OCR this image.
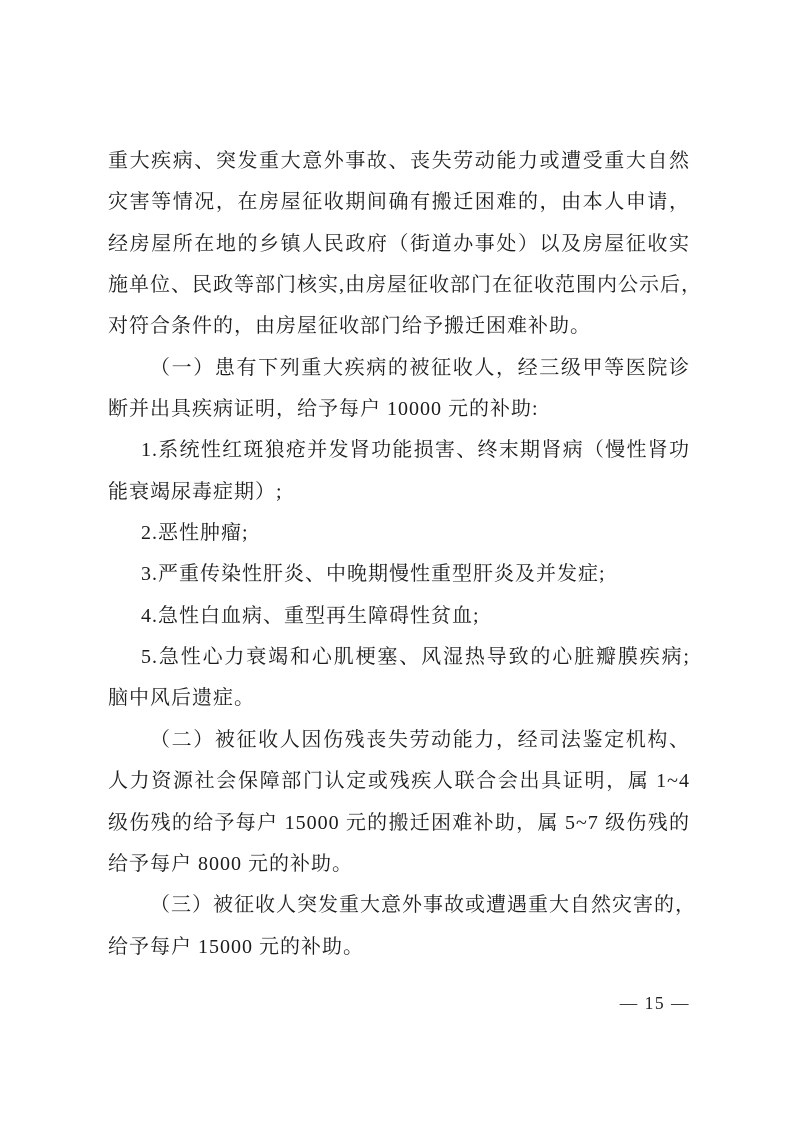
重大疾病、突发重大意外事故、丧失劳动能力或遭受重大自然
灾害等情况，在房屋征收期间确有搬迁困难的，由本人申请，
经房屋所在地的乡镇人民政府（街道办事处）以及房屋征收实
施单位、民政等部门核实,由房屋征收部门在征收范围内公示后，
对符合条件的，由房屋征收部门给予搬迁困难补助。
（一）患有下列重大疾病的被征收人，经三级甲等医院诊
断并出具疾病证明，给予每户 10000 元的补助:
1.系统性红斑狼疮并发肾功能损害、终末期肾病（慢性肾功
能衰竭尿毒症期）;
2.恶性肿瘤;
3.严重传染性肝炎、中晚期慢性重型肝炎及并发症;
4.急性白血病、重型再生障碍性贫血;
5.急性心力衰竭和心肌梗塞、风湿热导致的心脏瓣膜疾病;
脑中风后遗症。
（二）被征收人因伤残丧失劳动能力，经司法鉴定机构、
人力资源社会保障部门认定或残疾人联合会出具证明，属 1~4
级伤残的给予每户 15000 元的搬迁困难补助，属 5~7 级伤残的
给予每户 8000 元的补助。
（三）被征收人突发重大意外事故或遭遇重大自然灾害的，
给予每户 15000 元的补助。
— 15 —
